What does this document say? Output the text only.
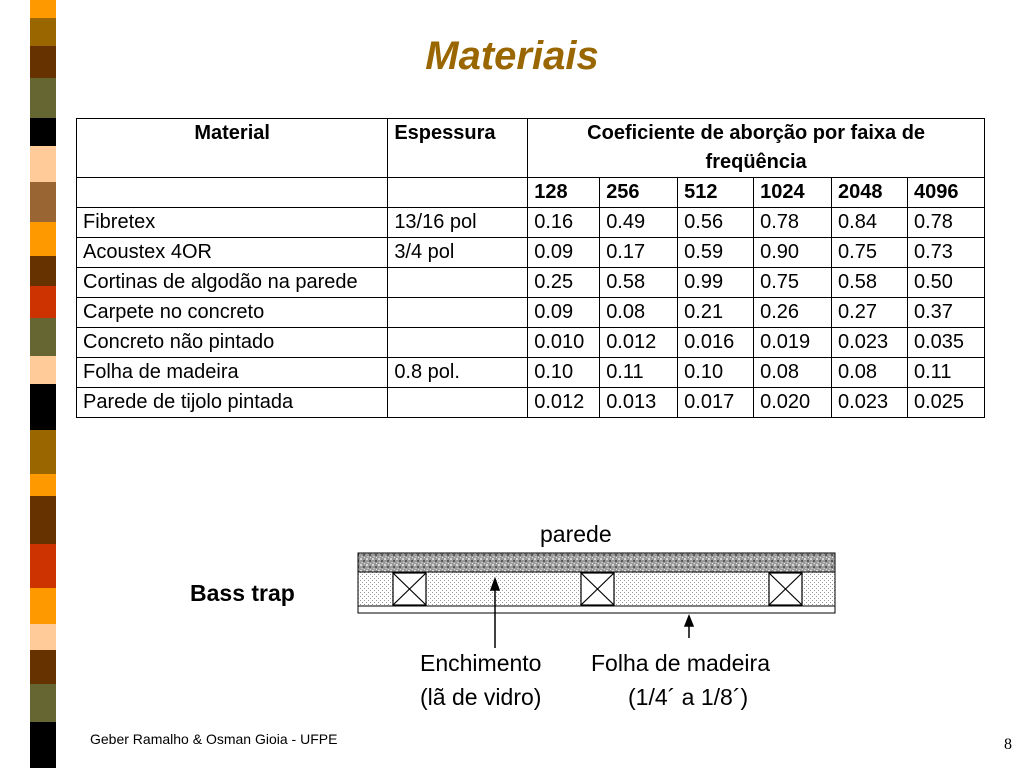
Materiais
Material	Espessura	Coeficiente de aborção por faixa de freqüência					
		128	256	512	1024	2048	4096
Fibretex	13/16 pol	0.16	0.49	0.56	0.78	0.84	0.78
Acoustex 4OR	3/4 pol	0.09	0.17	0.59	0.90	0.75	0.73
Cortinas de algodão na parede		0.25	0.58	0.99	0.75	0.58	0.50
Carpete no concreto		0.09	0.08	0.21	0.26	0.27	0.37
Concreto não pintado		0.010	0.012	0.016	0.019	0.023	0.035
Folha de madeira	0.8 pol.	0.10	0.11	0.10	0.08	0.08	0.11
Parede de tijolo pintada		0.012	0.013	0.017	0.020	0.023	0.025
Bass trap
parede
Enchimento
(lã de vidro)
Folha de madeira
(1/4´ a 1/8´)
Geber Ramalho & Osman Gioia - UFPE	8
